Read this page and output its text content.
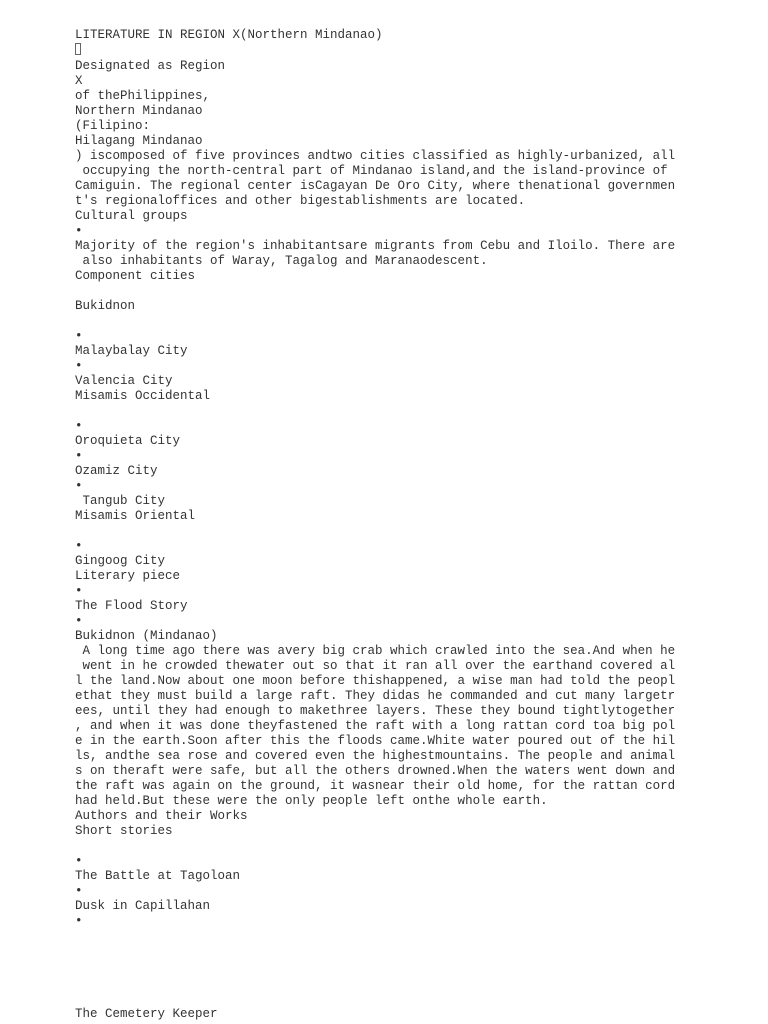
LITERATURE IN REGION X(Northern Mindanao)
Designated as Region
X
of thePhilippines,
Northern Mindanao
(Filipino:
Hilagang Mindanao
) iscomposed of five provinces andtwo cities classified as highly-urbanized, all
occupying the north-central part of Mindanao island,and the island-province of
Camiguin. The regional center isCagayan De Oro City, where thenational governmen
t's regionaloffices and other bigestablishments are located.
Cultural groups
•
Majority of the region's inhabitantsare migrants from Cebu and Iloilo. There are
also inhabitants of Waray, Tagalog and Maranaodescent.
Component cities
Bukidnon
•
Malaybalay City
•
Valencia City
Misamis Occidental
•
Oroquieta City
•
Ozamiz City
•
Tangub City
Misamis Oriental
•
Gingoog City
Literary piece
•
The Flood Story
•
Bukidnon (Mindanao)
A long time ago there was avery big crab which crawled into the sea.And when he
went in he crowded thewater out so that it ran all over the earthand covered al
l the land.Now about one moon before thishappened, a wise man had told the peopl
ethat they must build a large raft. They didas he commanded and cut many largetr
ees, until they had enough to makethree layers. These they bound tightlytogether
, and when it was done theyfastened the raft with a long rattan cord toa big pol
e in the earth.Soon after this the floods came.White water poured out of the hil
ls, andthe sea rose and covered even the highestmountains. The people and animal
s on theraft were safe, but all the others drowned.When the waters went down and
the raft was again on the ground, it wasnear their old home, for the rattan cord
had held.But these were the only people left onthe whole earth.
Authors and their Works
Short stories
•
The Battle at Tagoloan
•
Dusk in Capillahan
•
The Cemetery Keeper
